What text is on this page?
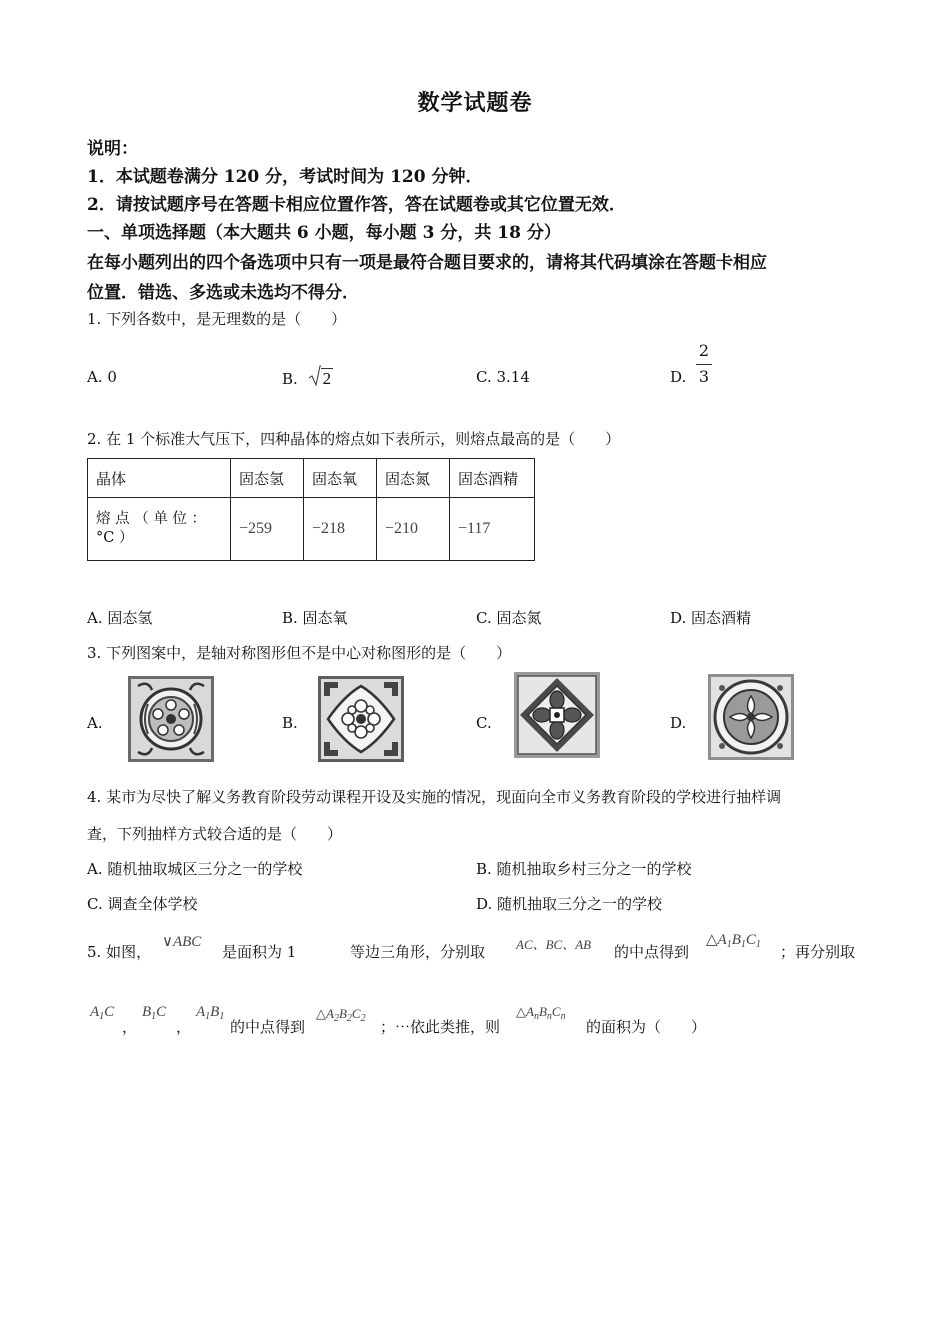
数学试题卷
说明：
1．本试题卷满分 120 分，考试时间为 120 分钟．
2．请按试题序号在答题卡相应位置作答，答在试题卷或其它位置无效．
一、单项选择题（本大题共 6 小题，每小题 3 分，共 18 分）
在每小题列出的四个备选项中只有一项是最符合题目要求的，请将其代码填涂在答题卡相应
位置．错选、多选或未选均不得分．
1. 下列各数中，是无理数的是（　　）
A. 0	B. 2	C. 3.14	D.
2
3
2. 在 1 个标准大气压下，四种晶体的熔点如下表所示，则熔点最高的是（　　）
晶体	固态氢	固态氧	固态氮	固态酒精
熔 点 （ 单 位 ： °C ）	−259	−218	−210	−117
A. 固态氢	B. 固态氧	C. 固态氮	D. 固态酒精
3. 下列图案中，是轴对称图形但不是中心对称图形的是（　　）
A.	B.	C.	D.
4. 某市为尽快了解义务教育阶段劳动课程开设及实施的情况，现面向全市义务教育阶段的学校进行抽样调
查，下列抽样方式较合适的是（　　）
A. 随机抽取城区三分之一的学校	B. 随机抽取乡村三分之一的学校
C. 调查全体学校	D. 随机抽取三分之一的学校
5. 如图，
∨ABC
是面积为 1	等边三角形，分别取 AC、BC、AB 的中点得到
$\triangle A_1B_1C_1$ ；再分别取
$A_1C$
，
$B_1C$
，
$A_1B_1$
的中点得到
$\triangle A_2B_2C_2$ ；⋯依此类推，则
$\triangle A_nB_nC_n$
的面积为（　　）
